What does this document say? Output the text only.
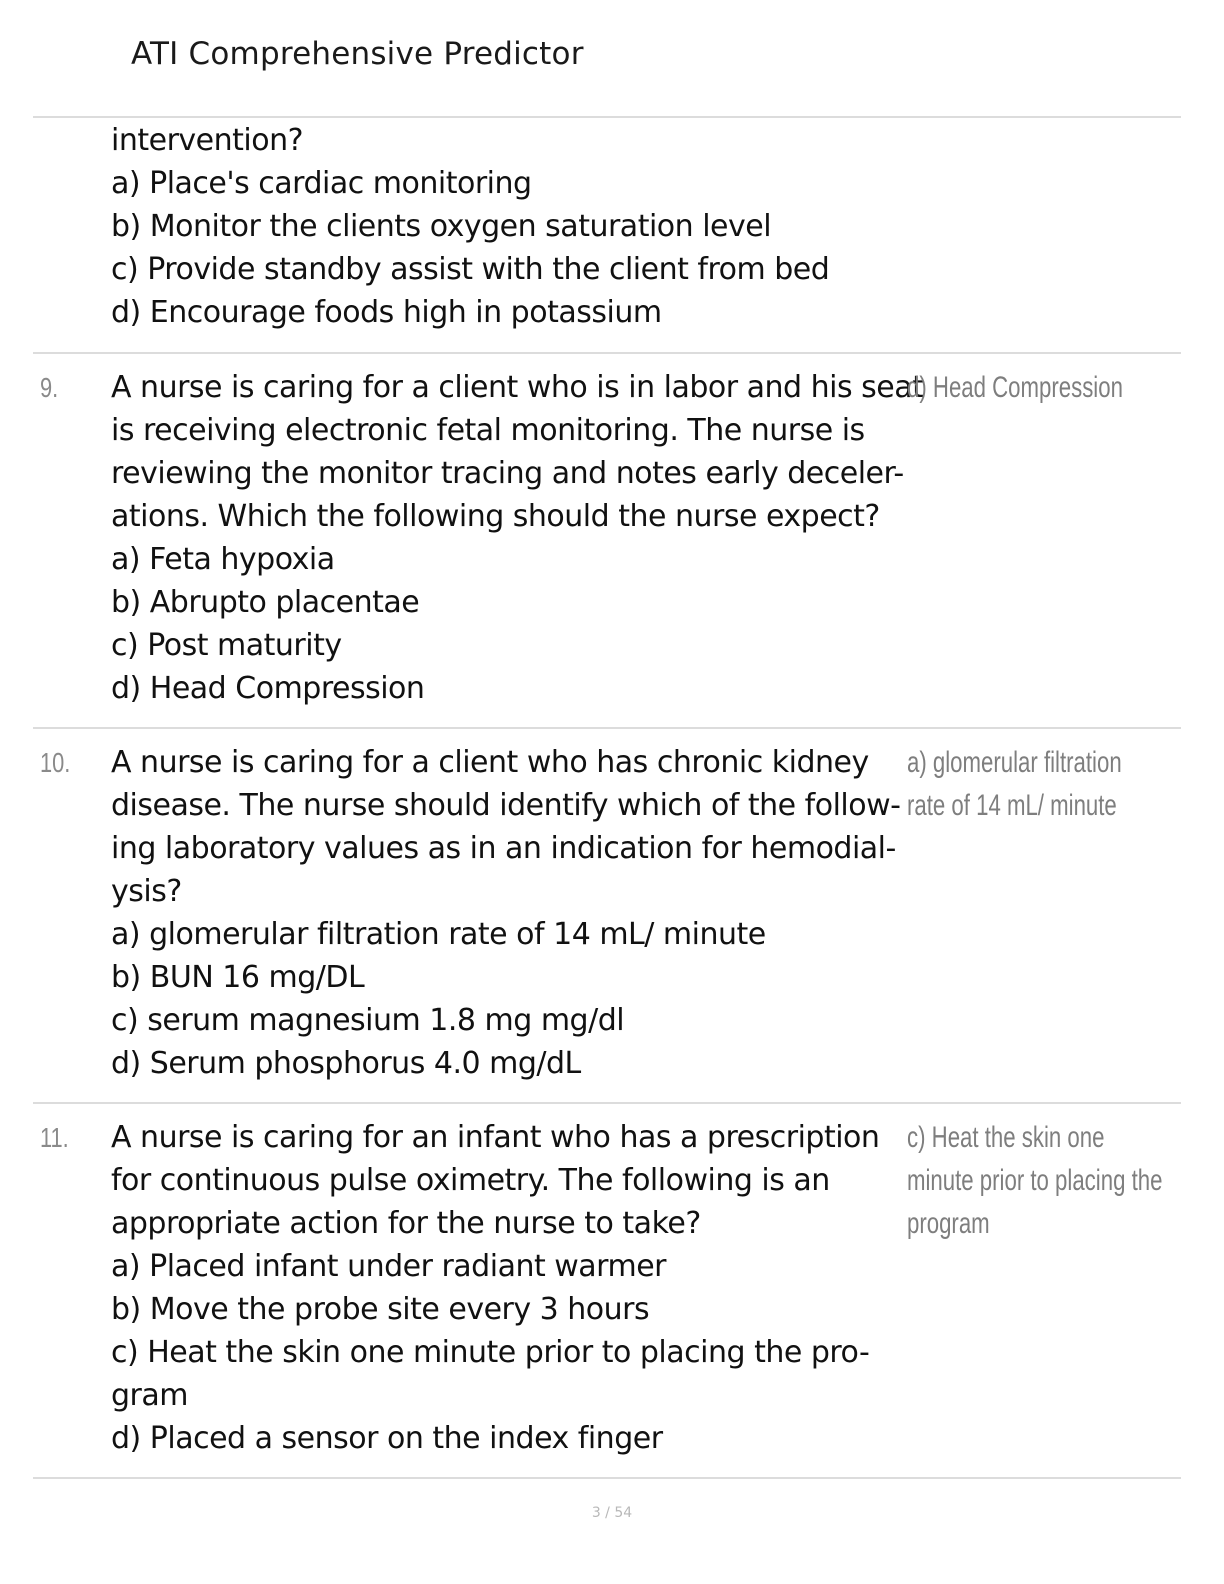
ATI Comprehensive Predictor
intervention?
a) Place's cardiac monitoring
b) Monitor the clients oxygen saturation level
c) Provide standby assist with the client from bed
d) Encourage foods high in potassium
9. A nurse is caring for a client who is in labor and his seat
is receiving electronic fetal monitoring. The nurse is
reviewing the monitor tracing and notes early deceler-
ations. Which the following should the nurse expect?
a) Feta hypoxia
b) Abrupto placentae
c) Post maturity
d) Head Compression
d) Head Compression
10. A nurse is caring for a client who has chronic kidney
disease. The nurse should identify which of the follow-
ing laboratory values as in an indication for hemodial-
ysis?
a) glomerular filtration rate of 14 mL/ minute
b) BUN 16 mg/DL
c) serum magnesium 1.8 mg mg/dl
d) Serum phosphorus 4.0 mg/dL
a) glomerular filtration
rate of 14 mL/ minute
11. A nurse is caring for an infant who has a prescription
for continuous pulse oximetry. The following is an
appropriate action for the nurse to take?
a) Placed infant under radiant warmer
b) Move the probe site every 3 hours
c) Heat the skin one minute prior to placing the pro-
gram
d) Placed a sensor on the index finger
c) Heat the skin one
minute prior to placing the
program
3 / 54
